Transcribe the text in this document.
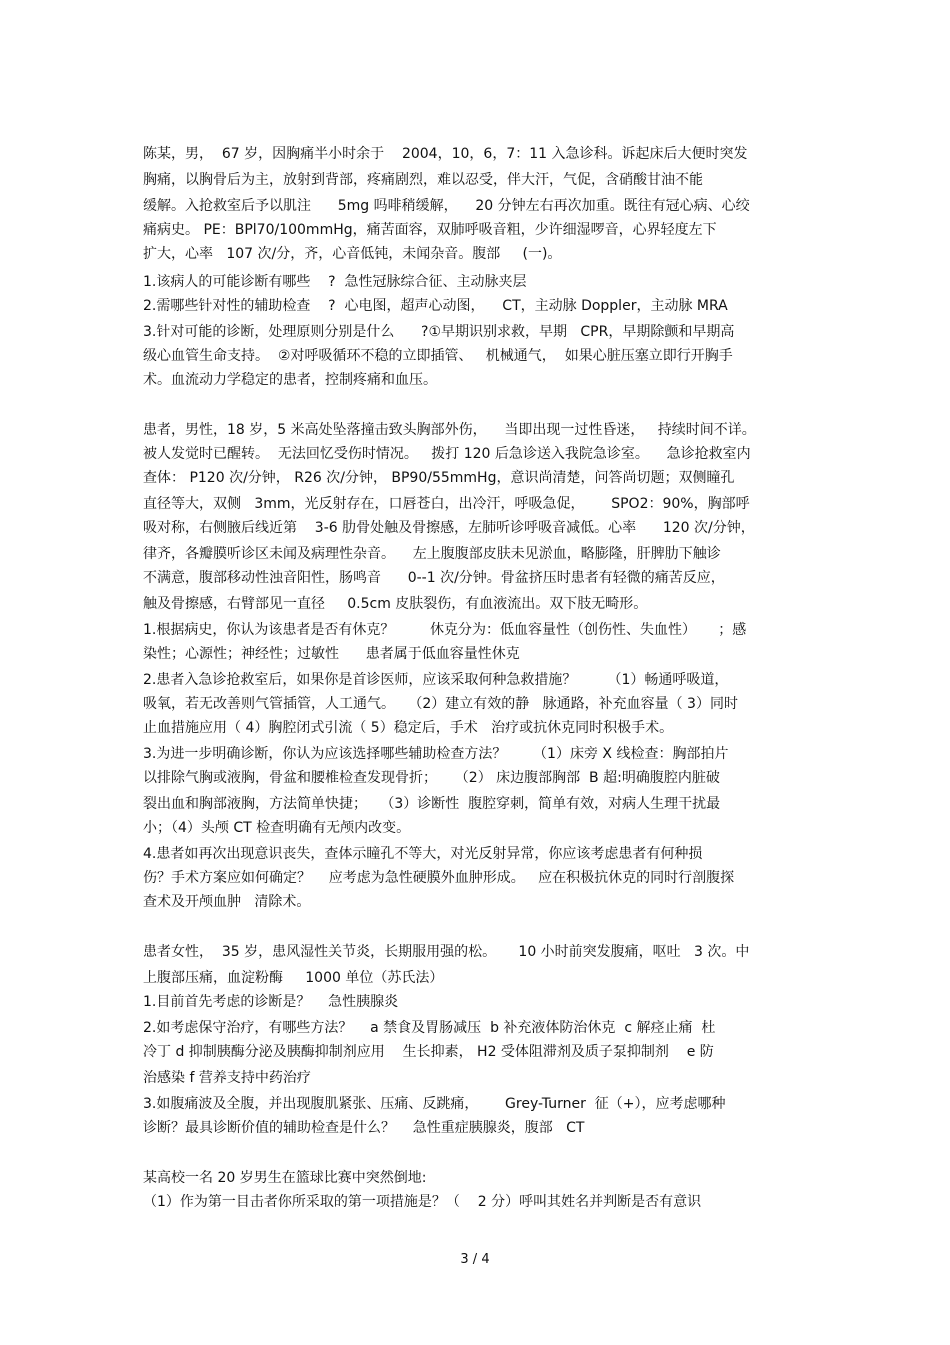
陈某，男，  67 岁，因胸痛半小时余于    2004，10，6，7：11 入急诊科。诉起床后大便时突发
胸痛，以胸骨后为主，放射到背部，疼痛剧烈，难以忍受，伴大汗，气促，含硝酸甘油不能
缓解。入抢救室后予以肌注      5mg 吗啡稍缓解，    20 分钟左右再次加重。既往有冠心病、心绞
痛病史。 PE：BPl70/100mmHg，痛苦面容，双肺呼吸音粗，少许细湿啰音，心界轻度左下
扩大，心率   107 次/分，齐，心音低钝，未闻杂音。腹部     (一)。
1.该病人的可能诊断有哪些    ?  急性冠脉综合征、主动脉夹层
2.需哪些针对性的辅助检查    ?  心电图，超声心动图，    CT，主动脉 Doppler，主动脉 MRA
3.针对可能的诊断，处理原则分别是什么      ?①早期识别求救，早期   CPR，早期除颤和早期高
级心血管生命支持。  ②对呼吸循环不稳的立即插管、   机械通气，  如果心脏压塞立即行开胸手
术。血流动力学稳定的患者，控制疼痛和血压。
患者，男性，18 岁，5 米高处坠落撞击致头胸部外伤，    当即出现一过性昏迷，   持续时间不详。
被人发觉时已醒转。  无法回忆受伤时情况。   拨打 120 后急诊送入我院急诊室。    急诊抢救室内
查体： P120 次/分钟， R26 次/分钟， BP90/55mmHg，意识尚清楚，问答尚切题；双侧瞳孔
直径等大，双侧   3mm，光反射存在，口唇苍白，出冷汗，呼吸急促，      SPO2：90%，胸部呼
吸对称，右侧腋后线近第    3-6 肋骨处触及骨擦感，左肺听诊呼吸音减低。心率      120 次/分钟，
律齐，各瓣膜听诊区未闻及病理性杂音。    左上腹腹部皮肤未见淤血，略膨隆，肝脾肋下触诊
不满意，腹部移动性浊音阳性，肠鸣音      0--1 次/分钟。骨盆挤压时患者有轻微的痛苦反应，
触及骨擦感，右臂部见一直径     0.5cm 皮肤裂伤，有血液流出。双下肢无畸形。
1.根据病史，你认为该患者是否有休克？        休克分为：低血容量性（创伤性、失血性）     ；感
染性；心源性；神经性；过敏性      患者属于低血容量性休克
2.患者入急诊抢救室后，如果你是首诊医师，应该采取何种急救措施？       （1）畅通呼吸道，
吸氧，若无改善则气管插管，人工通气。   （2）建立有效的静   脉通路，补充血容量（ 3）同时
止血措施应用（ 4）胸腔闭式引流（ 5）稳定后，手术   治疗或抗休克同时积极手术。
3.为进一步明确诊断，你认为应该选择哪些辅助检查方法？      （1）床旁 X 线检查：胸部拍片
以排除气胸或液胸，骨盆和腰椎检查发现骨折；    （2） 床边腹部胸部  B 超:明确腹腔内脏破
裂出血和胸部液胸，方法简单快捷；   （3）诊断性  腹腔穿刺，简单有效，对病人生理干扰最
小；（4）头颅 CT 检查明确有无颅内改变。
4.患者如再次出现意识丧失，查体示瞳孔不等大，对光反射异常，你应该考虑患者有何种损
伤？手术方案应如何确定？    应考虑为急性硬膜外血肿形成。   应在积极抗休克的同时行剖腹探
查术及开颅血肿   清除术。
患者女性，  35 岁，患风湿性关节炎，长期服用强的松。     10 小时前突发腹痛，呕吐   3 次。中
上腹部压痛，血淀粉酶     1000 单位（苏氏法）
1.目前首先考虑的诊断是？    急性胰腺炎
2.如考虑保守治疗，有哪些方法？    a 禁食及胃肠减压  b 补充液体防治休克  c 解痉止痛  杜
冷丁 d 抑制胰酶分泌及胰酶抑制剂应用    生长抑素， H2 受体阻滞剂及质子泵抑制剂    e 防
治感染 f 营养支持中药治疗
3.如腹痛波及全腹，并出现腹肌紧张、压痛、反跳痛，      Grey-Turner  征（+），应考虑哪种
诊断？最具诊断价值的辅助检查是什么？    急性重症胰腺炎，腹部   CT
某高校一名 20 岁男生在篮球比赛中突然倒地:
（1）作为第一目击者你所采取的第一项措施是？（    2 分）呼叫其姓名并判断是否有意识
3 / 4
